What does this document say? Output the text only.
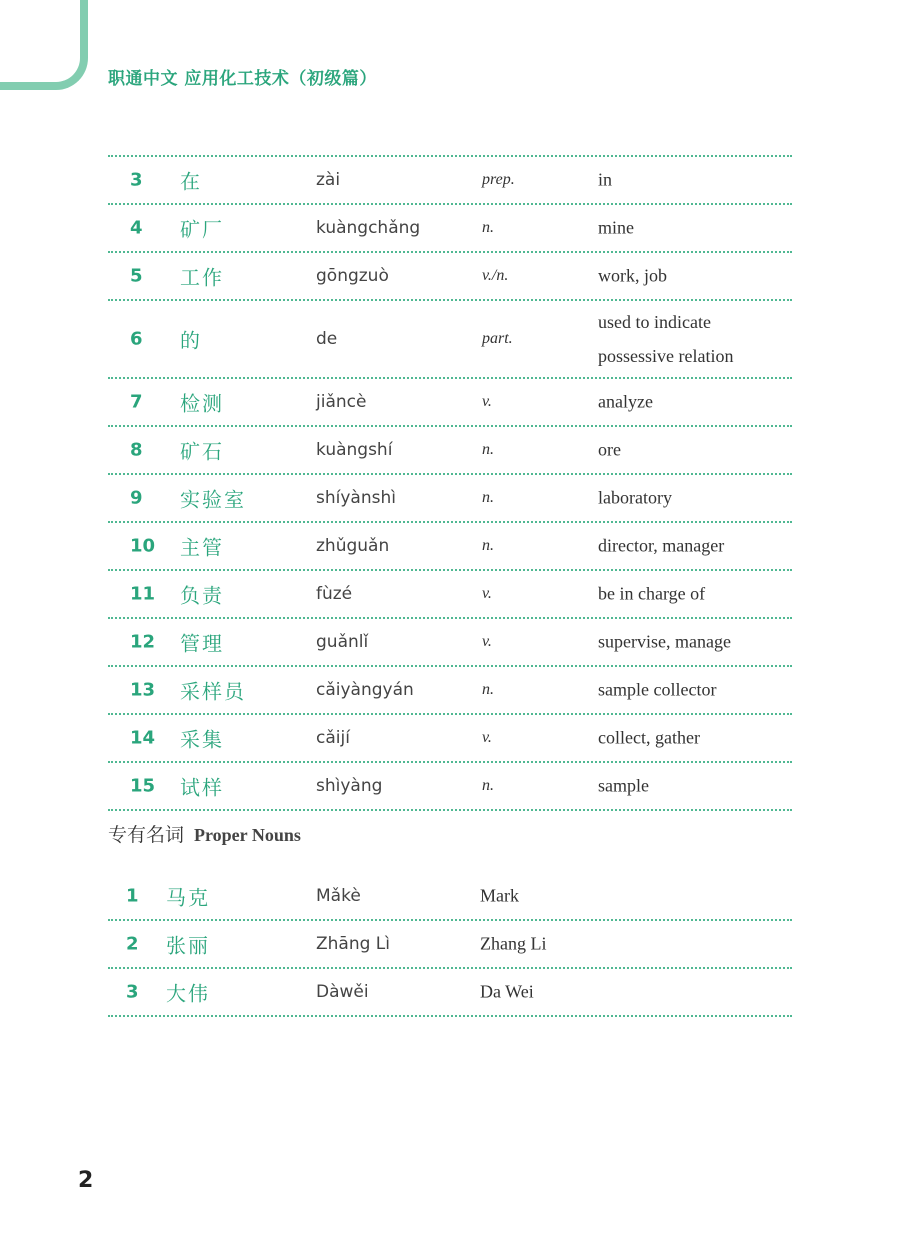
职通中文 应用化工技术（初级篇）
3 在	zài	prep.	in
4 矿厂	kuàngchǎng	n.	mine
5 工作	gōngzuò	v./n.	work, job
6 的	de	part.
used to indicate possessive relation
7 检测	jiǎncè	v.	analyze
8 矿石	kuàngshí	n.	ore
9 实验室	shíyànshì	n.	laboratory
10 主管	zhǔguǎn	n.	director, manager
11 负责	fùzé	v.	be in charge of
12 管理	guǎnlǐ	v.	supervise, manage
13 采样员	cǎiyàngyán	n.	sample collector
14 采集	cǎijí	v.	collect, gather
15 试样	shìyàng	n.	sample
专有名词 Proper Nouns
1 马克	Mǎkè	Mark
2 张丽	Zhāng Lì	Zhang Li
3 大伟	Dàwěi	Da Wei
2
